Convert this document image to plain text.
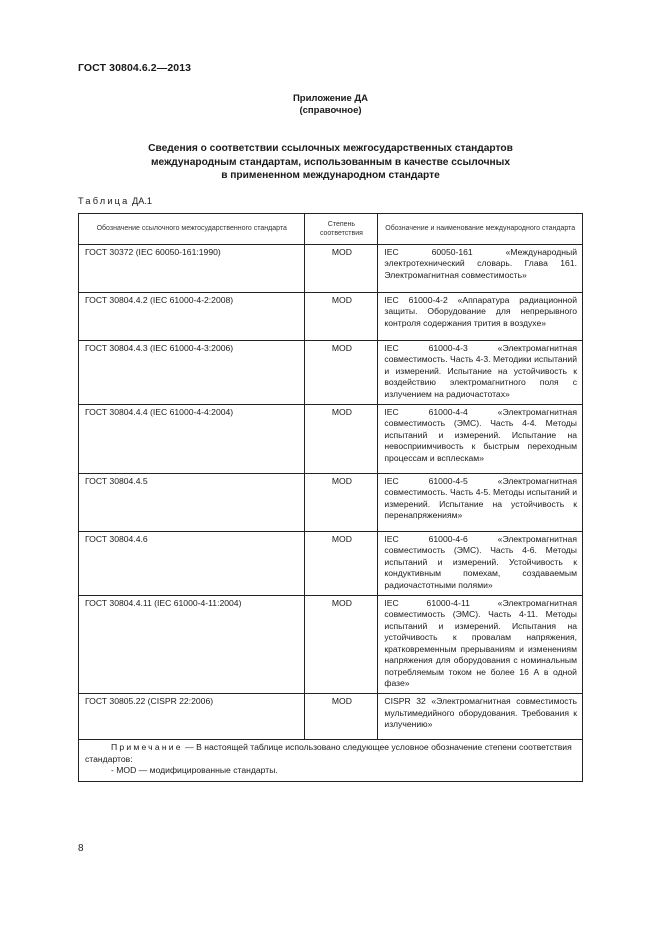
ГОСТ 30804.6.2—2013
Приложение ДА
(справочное)
Сведения о соответствии ссылочных межгосударственных стандартов
международным стандартам, использованным в качестве ссылочных
в примененном международном стандарте
Таблица ДА.1
Обозначение ссылочного межгосударственного стандарта	Степень соответствия	Обозначение и наименование международного стандарта
ГОСТ 30372 (IEC 60050-161:1990)	MOD	IEC 60050-161 «Международный электротехнический словарь. Глава 161. Электромагнитная совместимость»
ГОСТ 30804.4.2 (IEC 61000-4-2:2008)	MOD	IEC 61000-4-2 «Аппаратура радиационной защиты. Оборудование для непрерывного контроля содержания трития в воздухе»
ГОСТ 30804.4.3 (IEC 61000-4-3:2006)	MOD	IEC 61000-4-3 «Электромагнитная совместимость. Часть 4-3. Методики испытаний и измерений. Испытание на устойчивость к воздействию электромагнитного поля с излучением на радиочастотах»
ГОСТ 30804.4.4 (IEC 61000-4-4:2004)	MOD	IEC 61000-4-4 «Электромагнитная совместимость (ЭМС). Часть 4-4. Методы испытаний и измерений. Испытание на невосприимчивость к быстрым переходным процессам и всплескам»
ГОСТ 30804.4.5	MOD	IEC 61000-4-5 «Электромагнитная совместимость. Часть 4-5. Методы испытаний и измерений. Испытание на устойчивость к перенапряжениям»
ГОСТ 30804.4.6	MOD	IEC 61000-4-6 «Электромагнитная совместимость (ЭМС). Часть 4-6. Методы испытаний и измерений. Устойчивость к кондуктивным помехам, создаваемым радиочастотными полями»
ГОСТ 30804.4.11 (IEC 61000-4-11:2004)	MOD	IEC 61000-4-11 «Электромагнитная совместимость (ЭМС). Часть 4-11. Методы испытаний и измерений. Испытания на устойчивость к провалам напряжения, кратковременным прерываниям и изменениям напряжения для оборудования с номинальным потребляемым током не более 16 А в одной фазе»
ГОСТ 30805.22 (CISPR 22:2006)	MOD	CISPR 32 «Электромагнитная совместимость мультимедийного оборудования. Требования к излучению»
Примечание — В настоящей таблице использовано следующее условное обозначение степени соответствия стандартов:
- MOD — модифицированные стандарты.		
8
